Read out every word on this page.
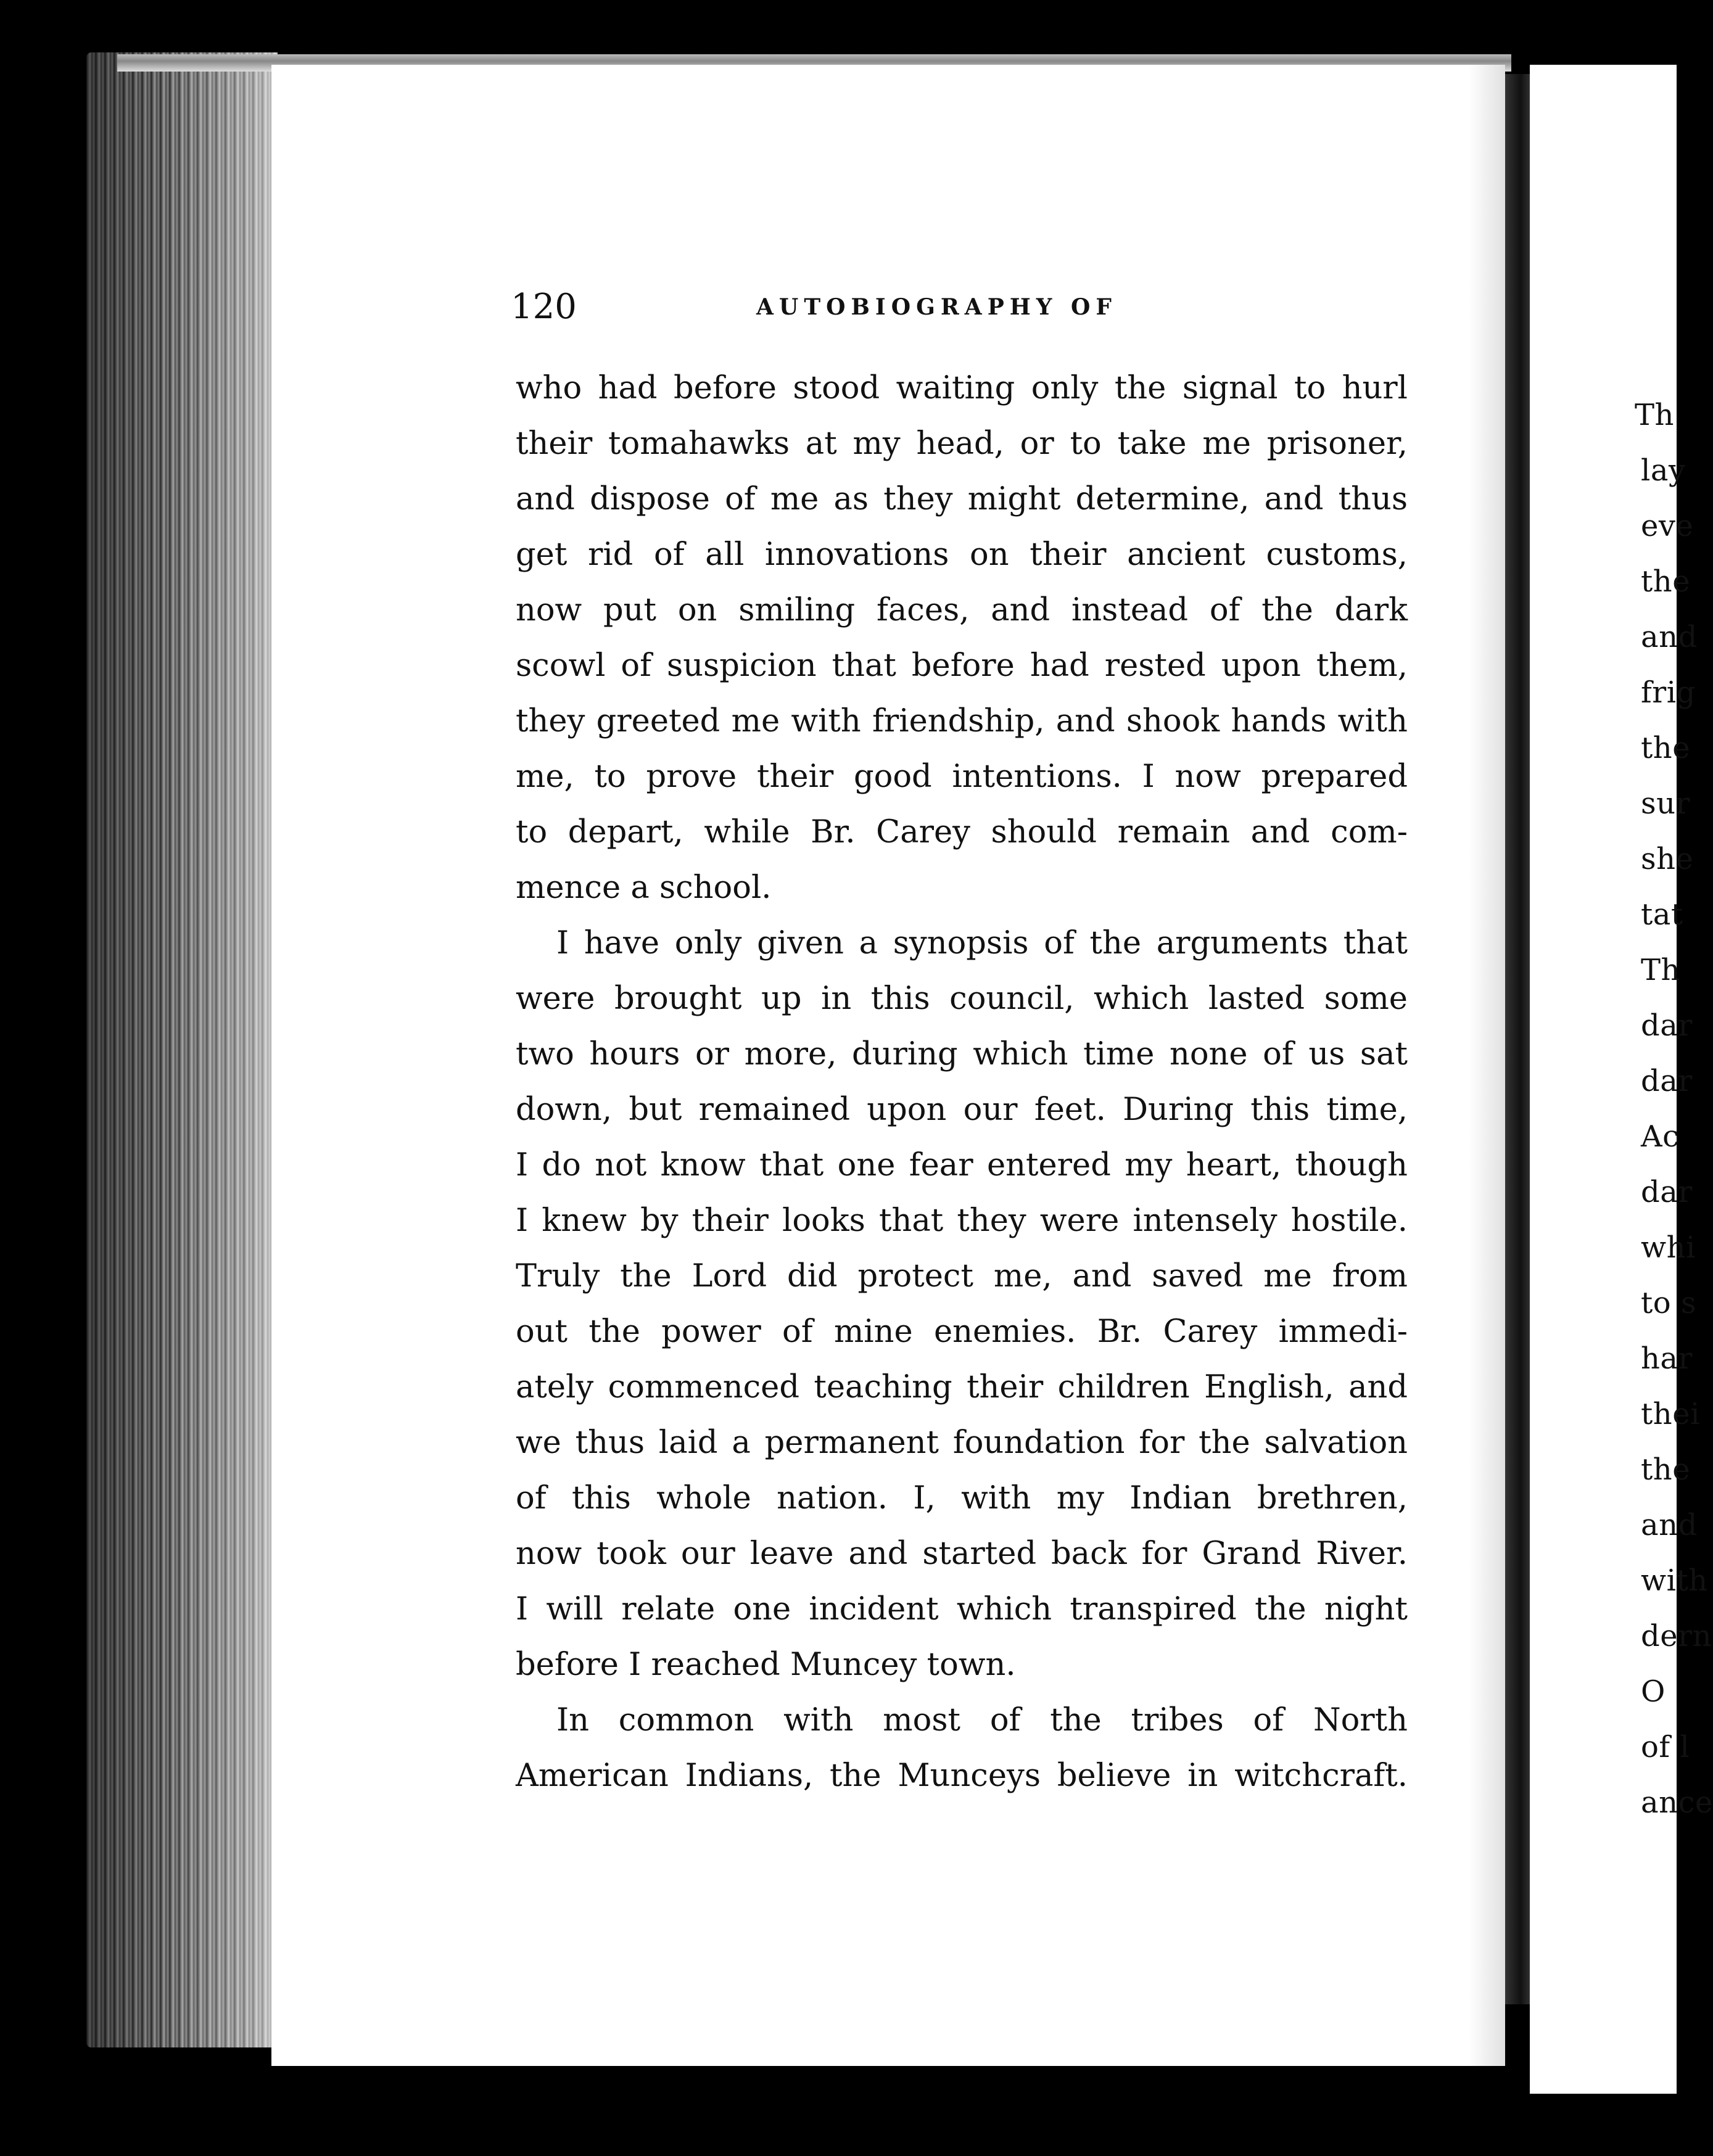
Th
lay
eve
the
and
frig
the
sur
she
tat
Th
dar
dar
Ac
dar
whi
to s
har
thei
the
and
with
dern
O
of l
ance
120	AUTOBIOGRAPHY OF
who had before stood waiting only the signal to hurl
their tomahawks at my head, or to take me prisoner,
and dispose of me as they might determine, and thus
get rid of all innovations on their ancient customs,
now put on smiling faces, and instead of the dark
scowl of suspicion that before had rested upon them,
they greeted me with friendship, and shook hands with
me, to prove their good intentions. I now prepared
to depart, while Br. Carey should remain and com-
mence a school.
I have only given a synopsis of the arguments that
were brought up in this council, which lasted some
two hours or more, during which time none of us sat
down, but remained upon our feet. During this time,
I do not know that one fear entered my heart, though
I knew by their looks that they were intensely hostile.
Truly the Lord did protect me, and saved me from
out the power of mine enemies. Br. Carey immedi-
ately commenced teaching their children English, and
we thus laid a permanent foundation for the salvation
of this whole nation. I, with my Indian brethren,
now took our leave and started back for Grand River.
I will relate one incident which transpired the night
before I reached Muncey town.
In common with most of the tribes of North
American Indians, the Munceys believe in witchcraft.
